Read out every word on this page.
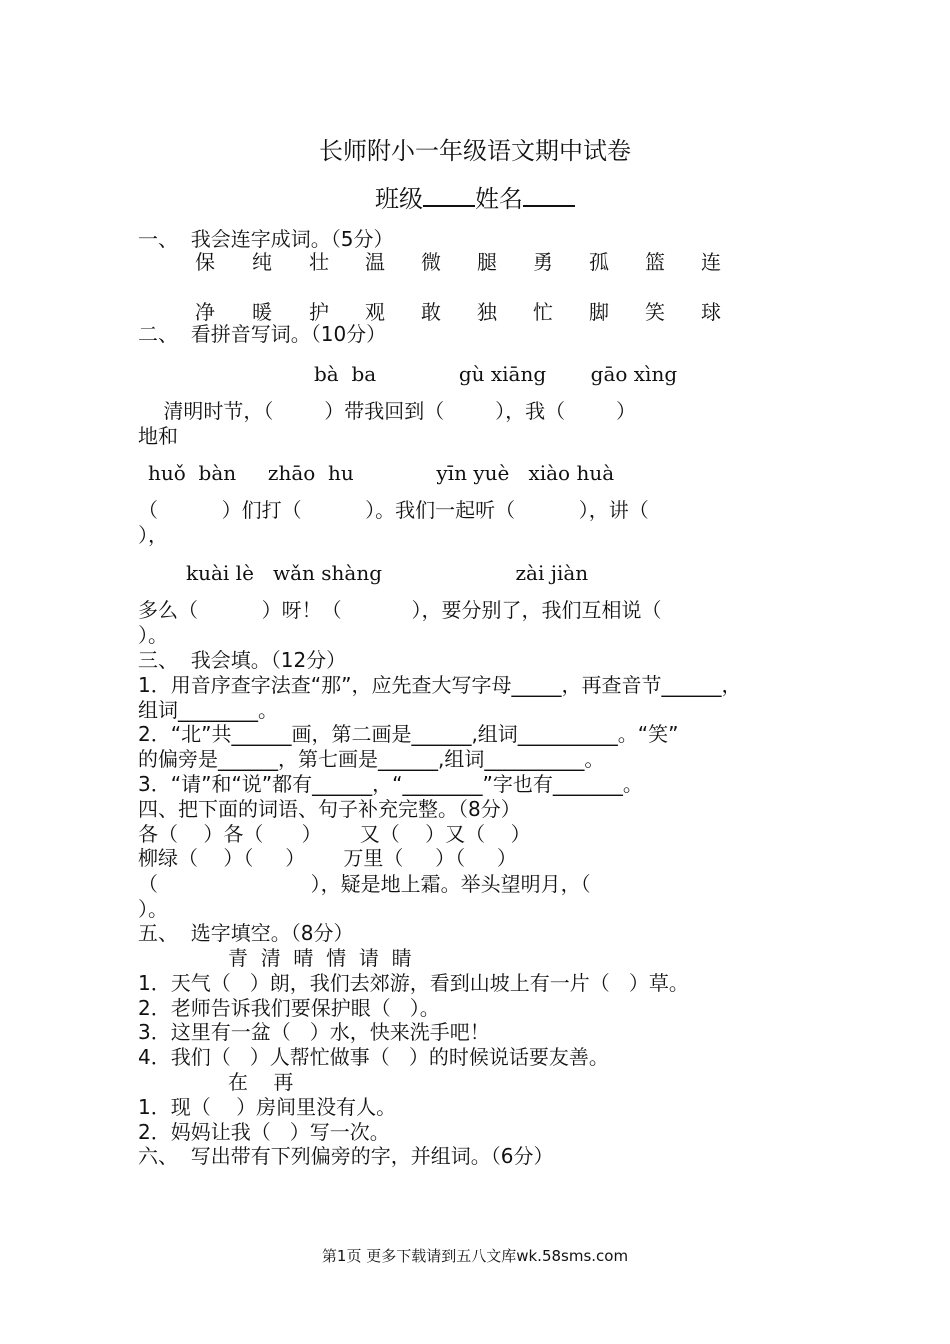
长师附小一年级语文期中试卷
班级 姓名
一、  我会连字成词。（5分）
保 纯 壮 温 微 腿 勇 孤 篮 连
净 暖 护 观 敢 独 忙 脚 笑 球
二、  看拼音写词。（10分）
bà  ba             gù xiāng       gāo xìng
清明时节，（        ）带我回到（        ），我（        ）
地和
huǒ  bàn     zhāo  hu             yīn yuè   xiào huà
（          ）们打（          ）。我们一起听（          ），讲（
），
kuài lè   wǎn shàng                     zài jiàn
多么（          ）呀！（           ），要分别了，我们互相说（
）。
三、  我会填。（12分）
1．用音序查字法查“那”，应先查大写字母_____，再查音节______，
组词________。
2．“北”共______画，第二画是______,组词__________。“笑”
的偏旁是______，第七画是______,组词__________。
3．“请”和“说”都有______，“________”字也有_______。
四、把下面的词语、句子补充完整。（8分）
各（    ）各（      ）      又（    ）又（    ）
柳绿（    ）（     ）      万里（     ）（     ）
（                        ），疑是地上霜。举头望明月，（
）。
五、  选字填空。（8分）
青  清  晴  情  请  睛
1．天气（   ）朗，我们去郊游，看到山坡上有一片（   ）草。
2．老师告诉我们要保护眼（   ）。
3．这里有一盆（   ）水，快来洗手吧！
4．我们（   ）人帮忙做事（   ）的时候说话要友善。
在    再
1．现（    ）房间里没有人。
2．妈妈让我（   ）写一次。
六、  写出带有下列偏旁的字，并组词。（6分）
第1页 更多下载请到五八文库wk.58sms.com
